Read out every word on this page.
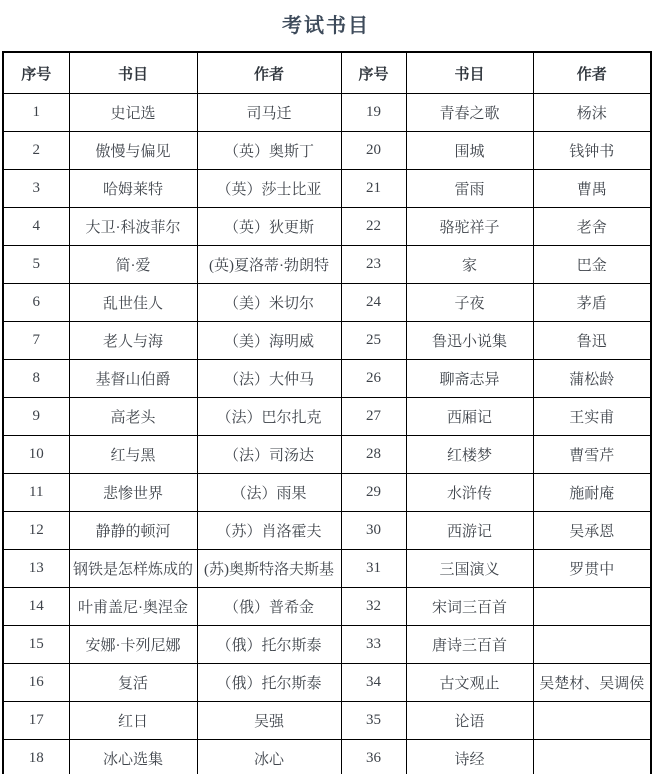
考试书目
序号	书目	作者	序号	书目	作者
1	史记选	司马迁	19	青春之歌	杨沫
2	傲慢与偏见	（英）奥斯丁	20	围城	钱钟书
3	哈姆莱特	（英）莎士比亚	21	雷雨	曹禺
4	大卫·科波菲尔	（英）狄更斯	22	骆驼祥子	老舍
5	简·爱	(英)夏洛蒂·勃朗特	23	家	巴金
6	乱世佳人	（美）米切尔	24	子夜	茅盾
7	老人与海	（美）海明威	25	鲁迅小说集	鲁迅
8	基督山伯爵	（法）大仲马	26	聊斋志异	蒲松龄
9	高老头	（法）巴尔扎克	27	西厢记	王实甫
10	红与黑	（法）司汤达	28	红楼梦	曹雪芹
11	悲惨世界	（法）雨果	29	水浒传	施耐庵
12	静静的顿河	（苏）肖洛霍夫	30	西游记	吴承恩
13	钢铁是怎样炼成的	(苏)奥斯特洛夫斯基	31	三国演义	罗贯中
14	叶甫盖尼·奥涅金	（俄）普希金	32	宋词三百首	
15	安娜·卡列尼娜	（俄）托尔斯泰	33	唐诗三百首	
16	复活	（俄）托尔斯泰	34	古文观止	吴楚材、吴调侯
17	红日	吴强	35	论语	
18	冰心选集	冰心	36	诗经	
